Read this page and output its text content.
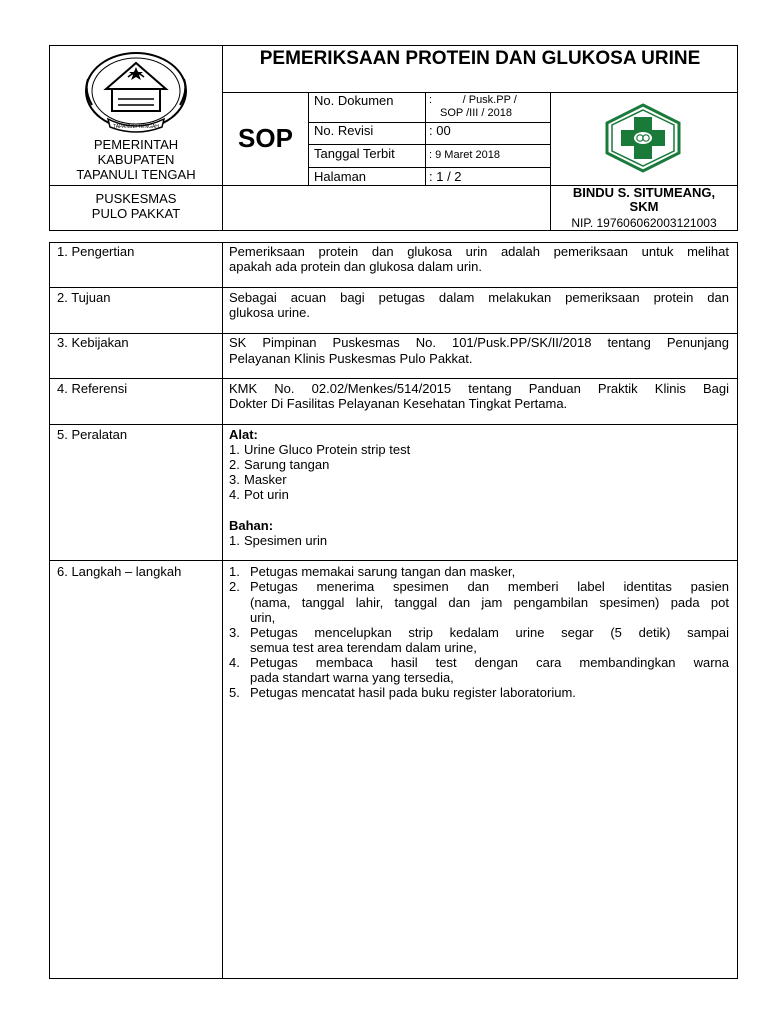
TAPANULI TENGAH
PEMERINTAH
KABUPATEN
TAPANULI TENGAH
PUSKESMAS
PULO PAKKAT
PEMERIKSAAN PROTEIN DAN GLUKOSA URINE
SOP
No. Dokumen	:          / Pusk.PP /
SOP /III / 2018
No. Revisi	: 00
Tanggal Terbit	: 9 Maret 2018
Halaman	: 1 / 2
BINDU S. SITUMEANG,
SKM
NIP. 197606062003121003
1. Pengertian	Pemeriksaan protein dan glukosa urin adalah pemeriksaan untuk melihat
apakah ada protein dan glukosa dalam urin.
2. Tujuan	Sebagai acuan bagi petugas dalam melakukan pemeriksaan protein dan
glukosa urine.
3. Kebijakan	SK Pimpinan Puskesmas No. 101/Pusk.PP/SK/II/2018 tentang Penunjang
Pelayanan Klinis Puskesmas Pulo Pakkat.
4. Referensi	KMK No. 02.02/Menkes/514/2015 tentang Panduan Praktik Klinis Bagi
Dokter Di Fasilitas Pelayanan Kesehatan Tingkat Pertama.
5. Peralatan	Alat:
1. Urine Gluco Protein strip test
2. Sarung tangan
3. Masker
4. Pot urin
Bahan:
1. Spesimen urin
6. Langkah – langkah	1. Petugas memakai sarung tangan dan masker,
2. Petugas menerima spesimen dan memberi label identitas pasien
(nama, tanggal lahir, tanggal dan jam pengambilan spesimen) pada pot
urin,
3. Petugas mencelupkan strip kedalam urine segar (5 detik) sampai
semua test area terendam dalam urine,
4. Petugas membaca hasil test dengan cara membandingkan warna
pada standart warna yang tersedia,
5. Petugas mencatat hasil pada buku register laboratorium.
